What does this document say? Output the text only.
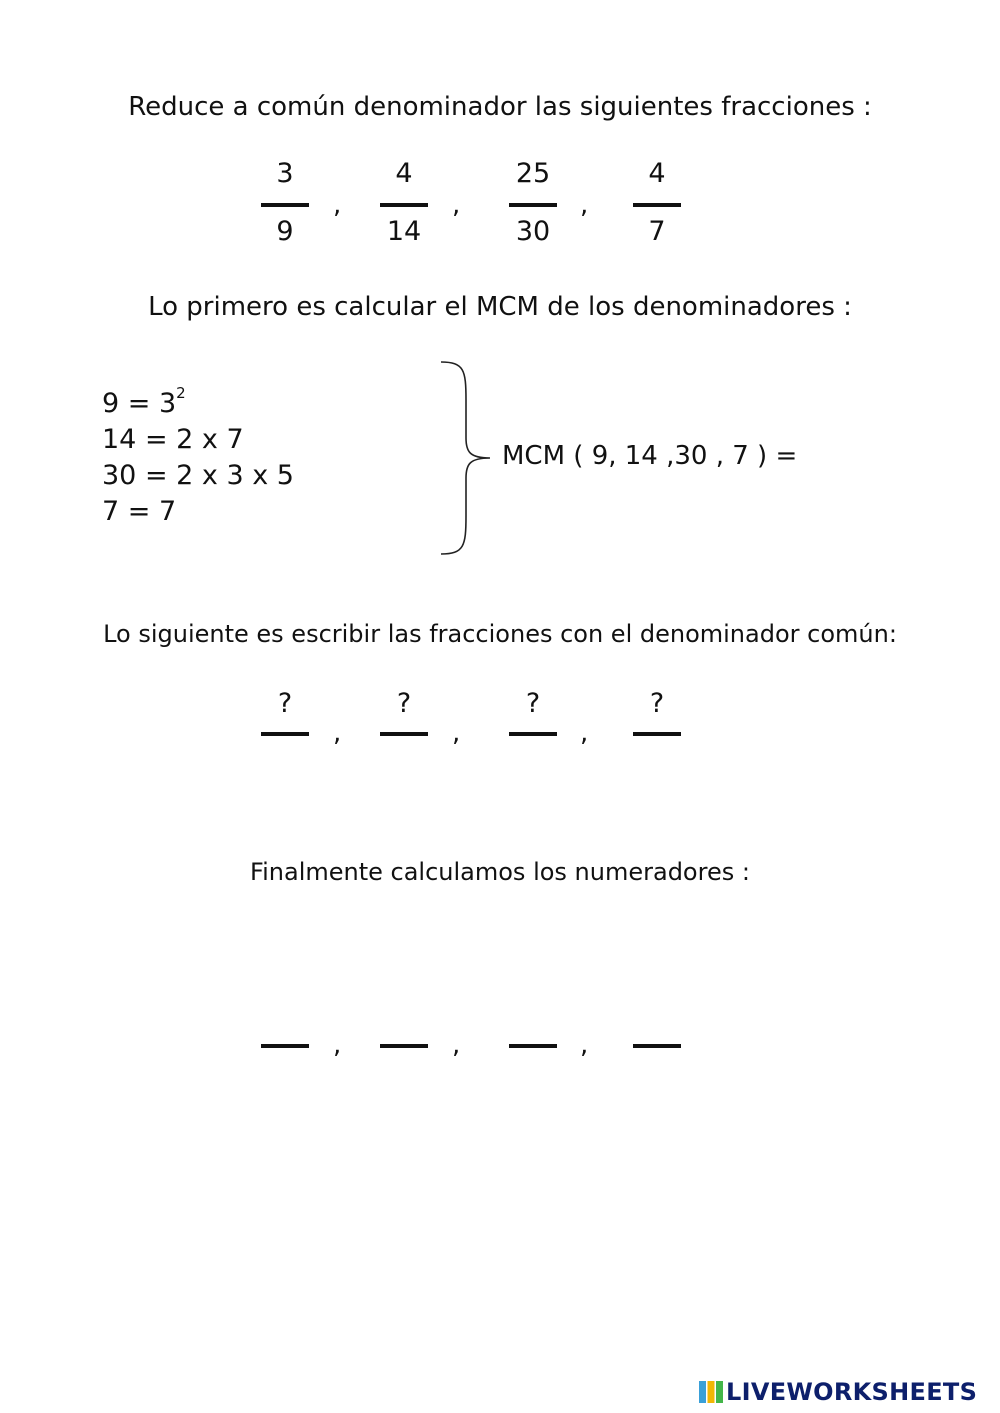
Reduce a común denominador las siguientes fracciones :
3
9
,
4
14
,
25
30
,
4
7
Lo primero es calcular el MCM de los denominadores :
$9 = 3^2$
14 = 2 x 7
30 = 2 x 3 x 5
7 = 7
MCM ( 9, 14 ,30 , 7 ) =
Lo siguiente es escribir las fracciones con el denominador común:
?
,
?
,
?
,
?
Finalmente calculamos los numeradores :
,	,	,
LIVEWORKSHEETS
